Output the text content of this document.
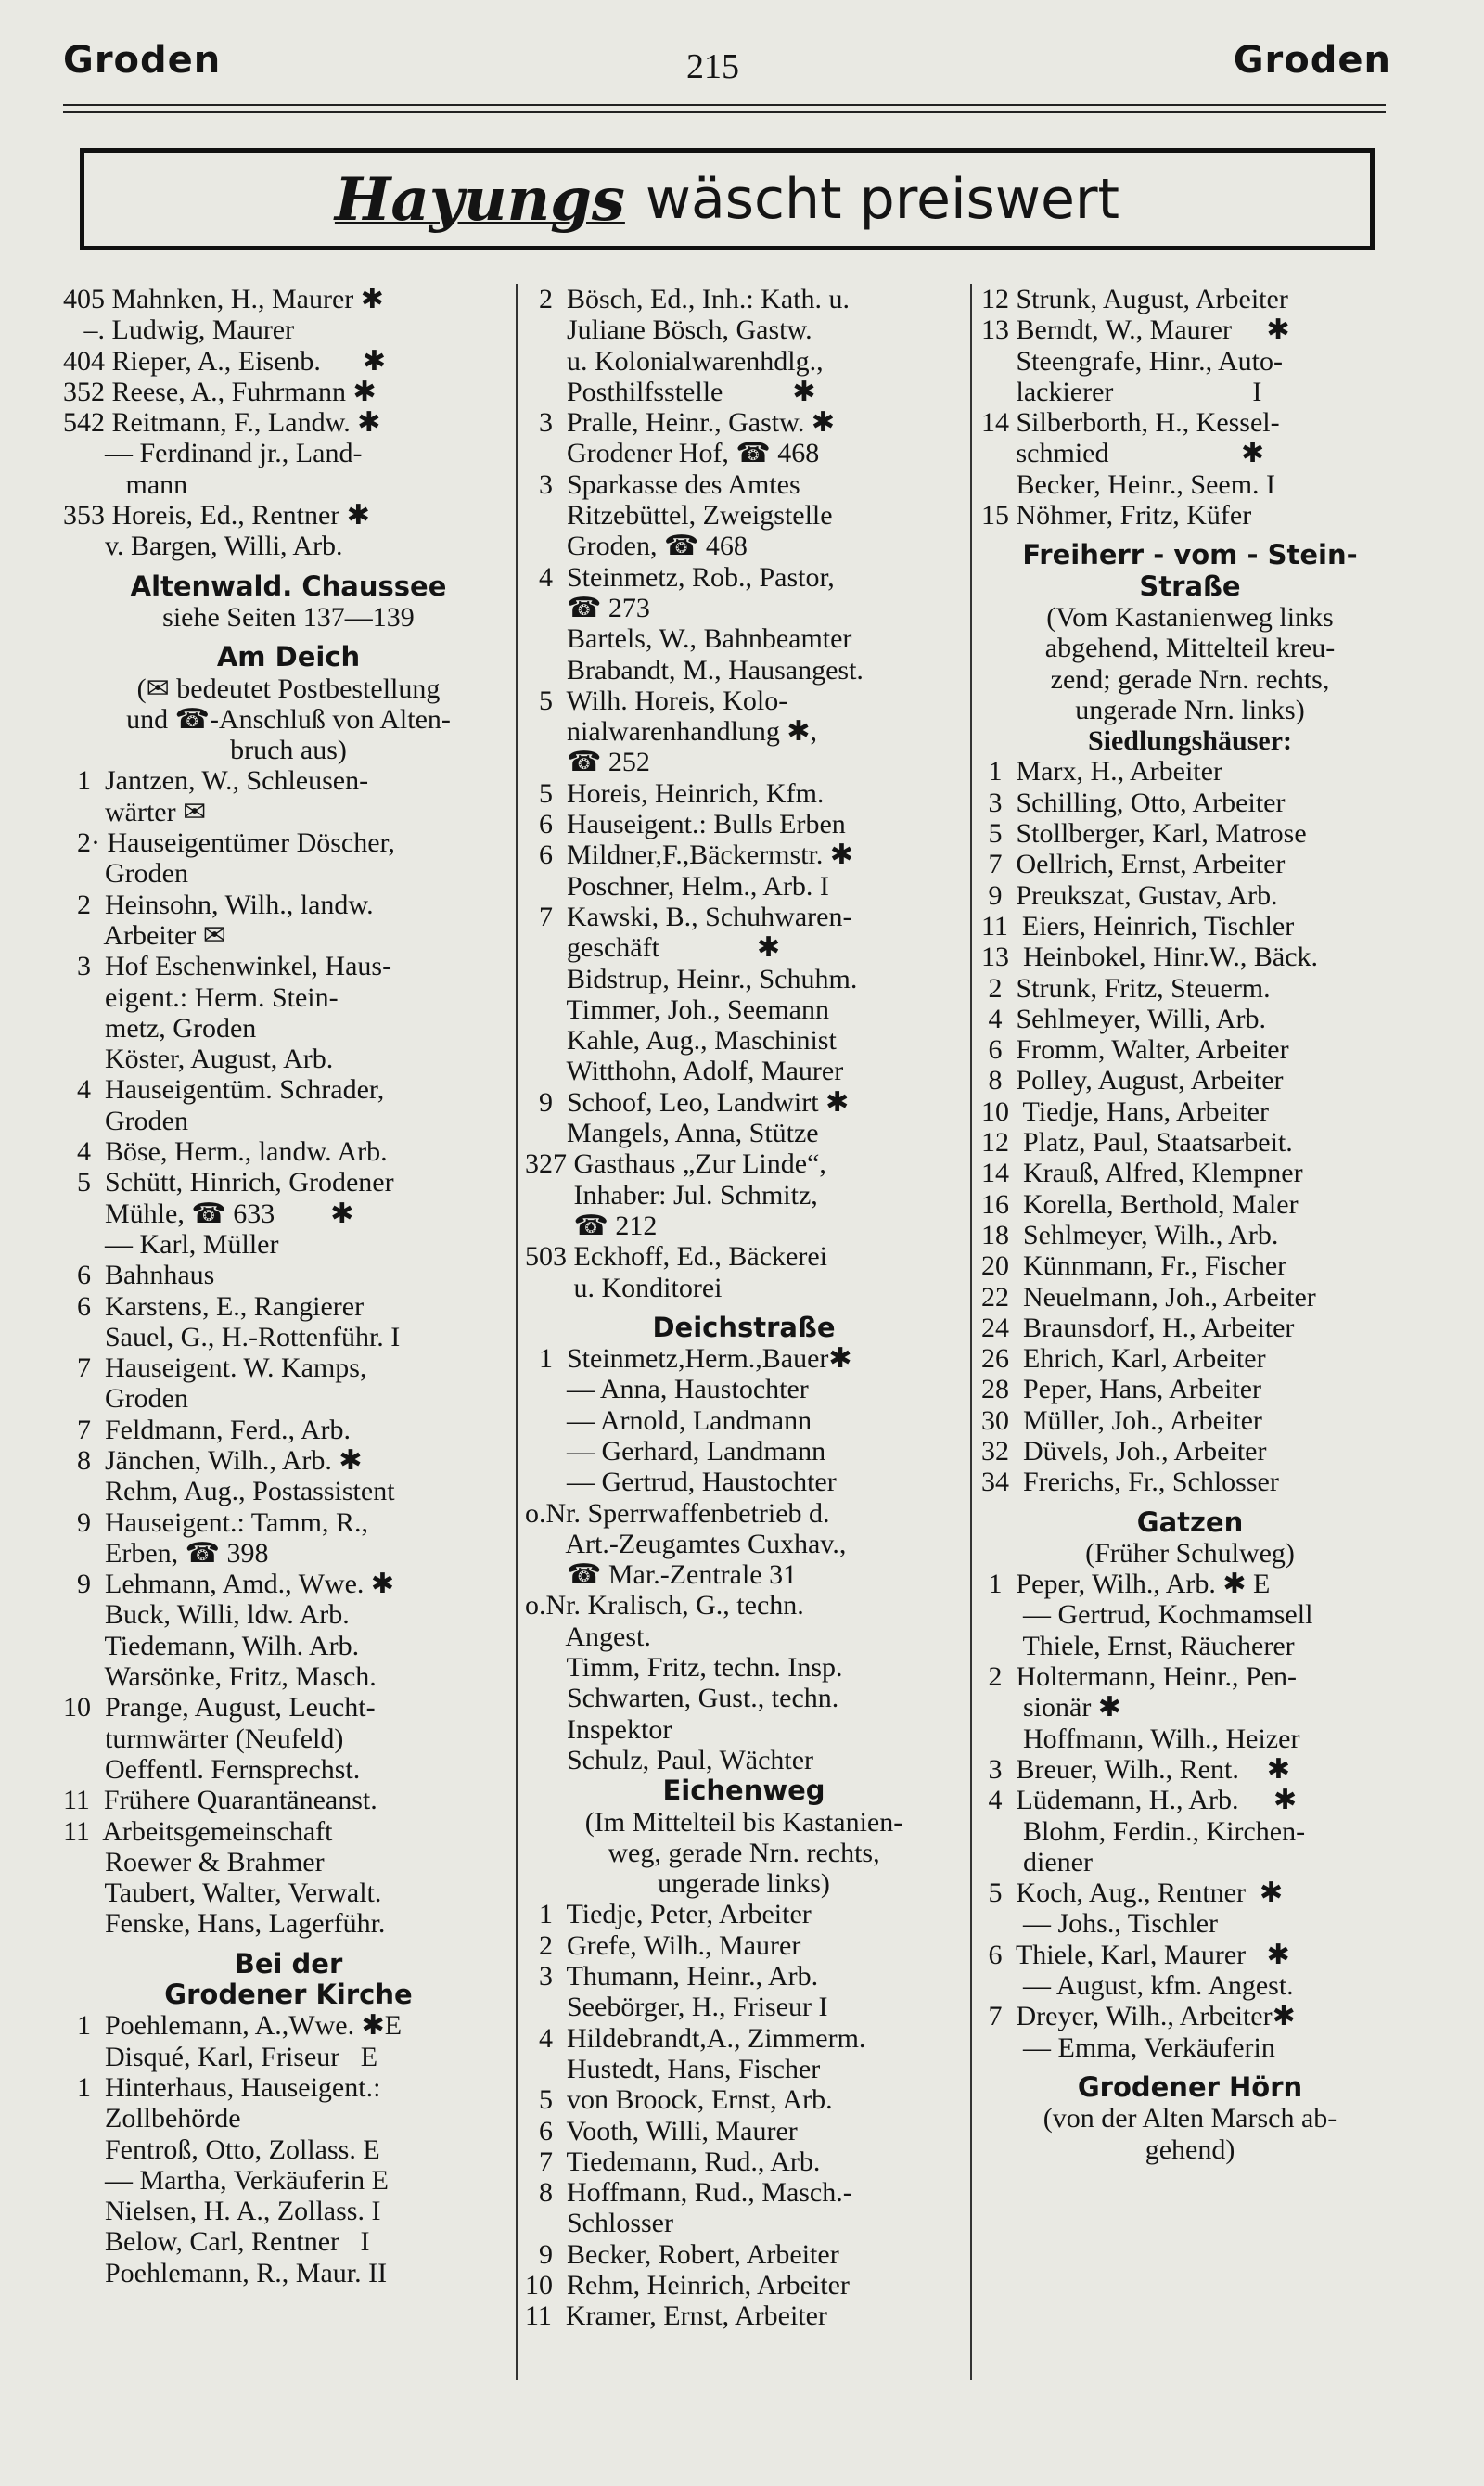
Groden	215	Groden
Hayungs wäscht preiswert
405 Mahnken, H., Maurer ✱
–. Ludwig, Maurer
404 Rieper, A., Eisenb.      ✱
352 Reese, A., Fuhrmann ✱
542 Reitmann, F., Landw. ✱
— Ferdinand jr., Land-
mann
353 Horeis, Ed., Rentner ✱
v. Bargen, Willi, Arb.
Altenwald. Chaussee
siehe Seiten 137—139
Am Deich
(✉ bedeutet Postbestellung
und ☎-Anschluß von Alten-
bruch aus)
1  Jantzen, W., Schleusen-
wärter ✉
2· Hauseigentümer Döscher,
Groden
2  Heinsohn, Wilh., landw.
Arbeiter ✉
3  Hof Eschenwinkel, Haus-
eigent.: Herm. Stein-
metz, Groden
Köster, August, Arb.
4  Hauseigentüm. Schrader,
Groden
4  Böse, Herm., landw. Arb.
5  Schütt, Hinrich, Grodener
Mühle, ☎ 633        ✱
— Karl, Müller
6  Bahnhaus
6  Karstens, E., Rangierer
Sauel, G., H.-Rottenführ. I
7  Hauseigent. W. Kamps,
Groden
7  Feldmann, Ferd., Arb.
8  Jänchen, Wilh., Arb. ✱
Rehm, Aug., Postassistent
9  Hauseigent.: Tamm, R.,
Erben, ☎ 398
9  Lehmann, Amd., Wwe. ✱
Buck, Willi, ldw. Arb.
Tiedemann, Wilh. Arb.
Warsönke, Fritz, Masch.
10  Prange, August, Leucht-
turmwärter (Neufeld)
Oeffentl. Fernsprechst.
11  Frühere Quarantäneanst.
11  Arbeitsgemeinschaft
Roewer & Brahmer
Taubert, Walter, Verwalt.
Fenske, Hans, Lagerführ.
Bei der
Grodener Kirche
1  Poehlemann, A.,Wwe. ✱E
Disqué, Karl, Friseur   E
1  Hinterhaus, Hauseigent.:
Zollbehörde
Fentroß, Otto, Zollass. E
— Martha, Verkäuferin E
Nielsen, H. A., Zollass. I
Below, Carl, Rentner   I
Poehlemann, R., Maur. II
2  Bösch, Ed., Inh.: Kath. u.
Juliane Bösch, Gastw.
u. Kolonialwarenhdlg.,
Posthilfsstelle          ✱
3  Pralle, Heinr., Gastw. ✱
Grodener Hof, ☎ 468
3  Sparkasse des Amtes
Ritzebüttel, Zweigstelle
Groden, ☎ 468
4  Steinmetz, Rob., Pastor,
☎ 273
Bartels, W., Bahnbeamter
Brabandt, M., Hausangest.
5  Wilh. Horeis, Kolo-
nialwarenhandlung ✱,
☎ 252
5  Horeis, Heinrich, Kfm.
6  Hauseigent.: Bulls Erben
6  Mildner,F.,Bäckermstr. ✱
Poschner, Helm., Arb. I
7  Kawski, B., Schuhwaren-
geschäft              ✱
Bidstrup, Heinr., Schuhm.
Timmer, Joh., Seemann
Kahle, Aug., Maschinist
Witthohn, Adolf, Maurer
9  Schoof, Leo, Landwirt ✱
Mangels, Anna, Stütze
327 Gasthaus „Zur Linde“,
Inhaber: Jul. Schmitz,
☎ 212
503 Eckhoff, Ed., Bäckerei
u. Konditorei
Deichstraße
1  Steinmetz,Herm.,Bauer✱
— Anna, Haustochter
— Arnold, Landmann
— Gerhard, Landmann
— Gertrud, Haustochter
o.Nr. Sperrwaffenbetrieb d.
Art.-Zeugamtes Cuxhav.,
☎ Mar.-Zentrale 31
o.Nr. Kralisch, G., techn.
Angest.
Timm, Fritz, techn. Insp.
Schwarten, Gust., techn.
Inspektor
Schulz, Paul, Wächter
Eichenweg
(Im Mittelteil bis Kastanien-
weg, gerade Nrn. rechts,
ungerade links)
1  Tiedje, Peter, Arbeiter
2  Grefe, Wilh., Maurer
3  Thumann, Heinr., Arb.
Seebörger, H., Friseur I
4  Hildebrandt,A., Zimmerm.
Hustedt, Hans, Fischer
5  von Broock, Ernst, Arb.
6  Vooth, Willi, Maurer
7  Tiedemann, Rud., Arb.
8  Hoffmann, Rud., Masch.-
Schlosser
9  Becker, Robert, Arbeiter
10  Rehm, Heinrich, Arbeiter
11  Kramer, Ernst, Arbeiter
12 Strunk, August, Arbeiter
13 Berndt, W., Maurer     ✱
Steengrafe, Hinr., Auto-
lackierer                    I
14 Silberborth, H., Kessel-
schmied                   ✱
Becker, Heinr., Seem. I
15 Nöhmer, Fritz, Küfer
Freiherr - vom - Stein-
Straße
(Vom Kastanienweg links
abgehend, Mittelteil kreu-
zend; gerade Nrn. rechts,
ungerade Nrn. links)
Siedlungshäuser:
1  Marx, H., Arbeiter
3  Schilling, Otto, Arbeiter
5  Stollberger, Karl, Matrose
7  Oellrich, Ernst, Arbeiter
9  Preukszat, Gustav, Arb.
11  Eiers, Heinrich, Tischler
13  Heinbokel, Hinr.W., Bäck.
2  Strunk, Fritz, Steuerm.
4  Sehlmeyer, Willi, Arb.
6  Fromm, Walter, Arbeiter
8  Polley, August, Arbeiter
10  Tiedje, Hans, Arbeiter
12  Platz, Paul, Staatsarbeit.
14  Krauß, Alfred, Klempner
16  Korella, Berthold, Maler
18  Sehlmeyer, Wilh., Arb.
20  Künnmann, Fr., Fischer
22  Neuelmann, Joh., Arbeiter
24  Braunsdorf, H., Arbeiter
26  Ehrich, Karl, Arbeiter
28  Peper, Hans, Arbeiter
30  Müller, Joh., Arbeiter
32  Düvels, Joh., Arbeiter
34  Frerichs, Fr., Schlosser
Gatzen
(Früher Schulweg)
1  Peper, Wilh., Arb. ✱ E
— Gertrud, Kochmamsell
Thiele, Ernst, Räucherer
2  Holtermann, Heinr., Pen-
sionär ✱
Hoffmann, Wilh., Heizer
3  Breuer, Wilh., Rent.    ✱
4  Lüdemann, H., Arb.     ✱
Blohm, Ferdin., Kirchen-
diener
5  Koch, Aug., Rentner  ✱
— Johs., Tischler
6  Thiele, Karl, Maurer   ✱
— August, kfm. Angest.
7  Dreyer, Wilh., Arbeiter✱
— Emma, Verkäuferin
Grodener Hörn
(von der Alten Marsch ab-
gehend)
